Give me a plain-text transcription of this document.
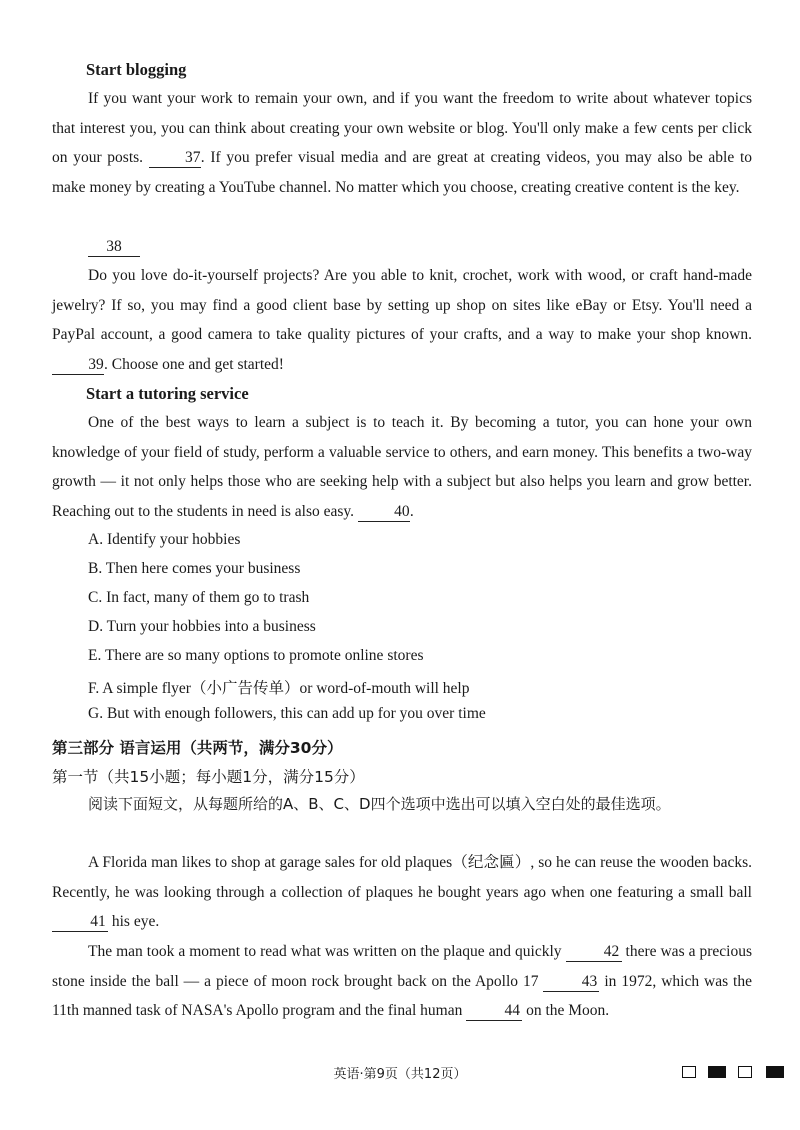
Start blogging
If you want your work to remain your own, and if you want the freedom to write about whatever topics that interest you, you can think about creating your own website or blog. You'll only make a few cents per click on your posts. 37. If you prefer visual media and are great at creating videos, you may also be able to make money by creating a YouTube channel. No matter which you choose, creating creative content is the key.
38
Do you love do-it-yourself projects? Are you able to knit, crochet, work with wood, or craft hand-made jewelry? If so, you may find a good client base by setting up shop on sites like eBay or Etsy. You'll need a PayPal account, a good camera to take quality pictures of your crafts, and a way to make your shop known. 39. Choose one and get started!
Start a tutoring service
One of the best ways to learn a subject is to teach it. By becoming a tutor, you can hone your own knowledge of your field of study, perform a valuable service to others, and earn money. This benefits a two-way growth — it not only helps those who are seeking help with a subject but also helps you learn and grow better. Reaching out to the students in need is also easy. 40.
A. Identify your hobbies
B. Then here comes your business
C. In fact, many of them go to trash
D. Turn your hobbies into a business
E. There are so many options to promote online stores
F. A simple flyer（小广告传单）or word-of-mouth will help
G. But with enough followers, this can add up for you over time
第三部分 语言运用（共两节，满分30分）
第一节（共15小题；每小题1分，满分15分）
阅读下面短文，从每题所给的A、B、C、D四个选项中选出可以填入空白处的最佳选项。
A Florida man likes to shop at garage sales for old plaques（纪念匾）, so he can reuse the wooden backs. Recently, he was looking through a collection of plaques he bought years ago when one featuring a small ball 41 his eye.
The man took a moment to read what was written on the plaque and quickly 42 there was a precious stone inside the ball — a piece of moon rock brought back on the Apollo 17 43 in 1972, which was the 11th manned task of NASA's Apollo program and the final human 44 on the Moon.
英语·第9页（共12页）
